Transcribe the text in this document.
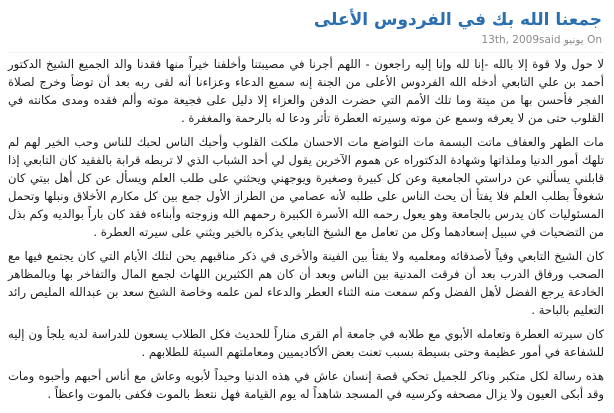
جمعنا الله بك في الفردوس الأعلى
On يونيو 13th, 2009said

لا حول ولا قوة إلا بالله -إنا لله وإنا إليه راجعون - اللهم أجرنا في مصيبتنا وأخلفنا خيراً منها فقدنا والد الجميع الشيخ الدكتور أحمد بن علي التابعي أدخله الله الفردوس الأعلى من الجنة إنه سميع الدعاء وعزاءنا أنه لقى ربه بعد أن توضأ وخرج لصلاة الفجر فأحسن بها من ميتة وما تلك الأمم التي حضرت الدفن والعزاء إلا دليل على فجيعة موته وألم فقده ومدى مكانته في القلوب حتى من لا يعرفه وسمع عن موته وسيرته العطرة تأثر ودعا له بالرحمة والمغفرة .

مات الطهر والعفاف ماتت البسمة مات التواضع مات الاحسان ملكت القلوب وأحبك الناس لحبك للناس وحب الخير لهم لم تلهك أمور الدنيا وملذاتها وشهادة الدكتوراه عن هموم الآخرين يقول لي أحد الشباب الذي لا تربطه قرابة بالفقيد كان التابعي إذا قابلني يسألني عن دراستي الجامعية وعن كل كبيرة وصغيرة ويوجهني ويحثني على طلب العلم ويسأل عن كل أهل بيتي كان شغوفاً بطلب العلم فلا يفتأ أن يحث الناس على طلبه لأنه عصامي من الطراز الأول جمع بين كل مكارم الأخلاق ونبلها وتحمل المسئوليات كان يدرس بالجامعة وهو يعول رحمه الله الأسرة الكبيرة رحمهم الله وزوجته وأبناءه فقد كان باراً بوالديه وكم بذل من التضحيات في سبيل إسعادهما وكل من تعامل مع الشيخ التابعي يذكره بالخير ويثني على سيرته العطرة .

كان الشيخ التابعي وفياً لأصدقائه ومعلميه ولا يفتأ بين الفينة والأخرى في ذكر مناقبهم يحن لتلك الأيام التي كان يجتمع فيها مع الصحب ورفاق الدرب بعد أن فرقت المدنية بين الناس وبعد أن كان هم الكثيرين اللهاث لجمع المال والتفاخر بها وبالمظاهر الخادعة يرجع الفضل لأهل الفضل وكم سمعت منه الثناء العطر والدعاء لمن علمه وخاصة الشيخ سعد بن عبدالله المليص رائد التعليم بالباحة .

كان سيرته العطرة وتعامله الأبوي مع طلابه في جامعة أم القرى مناراً للحديث فكل الطلاب يسعون للدراسة لديه يلجأ ون إليه للشفاعة في أمور عظيمة وحتى بسيطة بسبب تعنت بعض الأكاديميين ومعاملتهم السيئة للطلابهم .

هذه رسالة لكل متكبر وناكر للجميل تحكي قصة إنسان عاش في هذه الدنيا وحيداً لأبويه وعاش مع أناس أحبهم وأحبوه ومات وقد أبكى العيون ولا يزال مصحفه وكرسيه في المسجد شاهداً له يوم القيامة فهل نتعظ بالموت فكفى بالموت واعظاً .
